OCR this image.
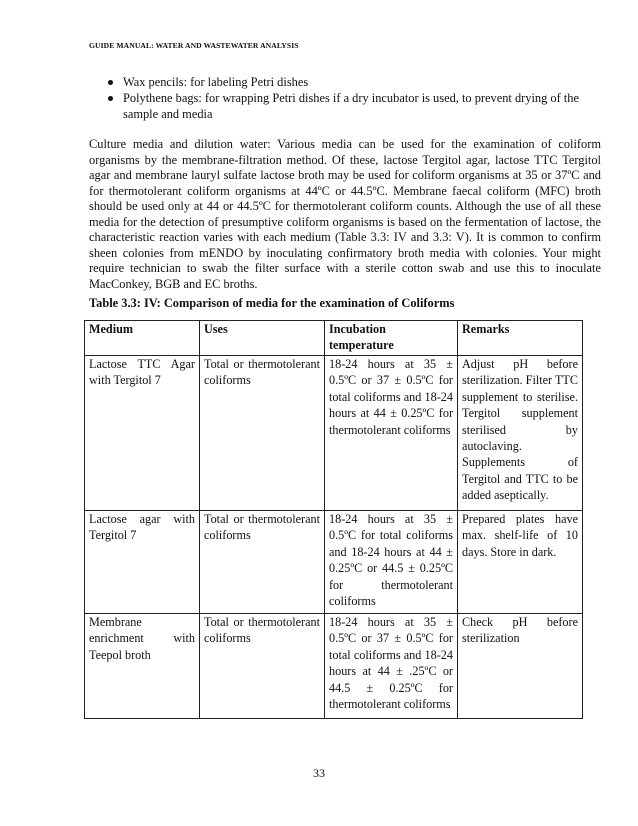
GUIDE MANUAL: WATER AND WASTEWATER ANALYSIS
Wax pencils: for labeling Petri dishes
Polythene bags: for wrapping Petri dishes if a dry incubator is used, to prevent drying of the sample and media

Culture media and dilution water: Various media can be used for the examination of coliform organisms by the membrane-filtration method. Of these, lactose Tergitol agar, lactose TTC Tergitol agar and membrane lauryl sulfate lactose broth may be used for coliform organisms at 35 or 37ºC and for thermotolerant coliform organisms at 44ºC or 44.5ºC. Membrane faecal coliform (MFC) broth should be used only at 44 or 44.5ºC for thermotolerant coliform counts. Although the use of all these media for the detection of presumptive coliform organisms is based on the fermentation of lactose, the characteristic reaction varies with each medium (Table 3.3: IV and 3.3: V). It is common to confirm sheen colonies from mENDO by inoculating confirmatory broth media with colonies. Your might require technician to swab the filter surface with a sterile cotton swab and use this to inoculate MacConkey, BGB and EC broths.

Table 3.3: IV: Comparison of media for the examination of Coliforms
Medium	Uses	Incubation temperature	Remarks
Lactose TTC Agar with Tergitol 7	Total or thermotolerant coliforms	18-24 hours at 35 ± 0.5ºC or 37 ± 0.5ºC for total coliforms and 18-24 hours at 44 ± 0.25ºC for thermotolerant coliforms	Adjust pH before sterilization. Filter TTC supplement to sterilise. Tergitol supplement sterilised by autoclaving. Supplements of Tergitol and TTC to be added aseptically.
Lactose agar with Tergitol 7	Total or thermotolerant coliforms	18-24 hours at 35 ± 0.5ºC for total coliforms and 18-24 hours at 44 ± 0.25ºC or 44.5 ± 0.25ºC for thermotolerant coliforms	Prepared plates have max. shelf-life of 10 days. Store in dark.
Membrane enrichment with Teepol broth	Total or thermotolerant coliforms	18-24 hours at 35 ± 0.5ºC or 37 ± 0.5ºC for total coliforms and 18-24 hours at 44 ± .25ºC or 44.5 ± 0.25ºC for thermotolerant coliforms	Check pH before sterilization
33
